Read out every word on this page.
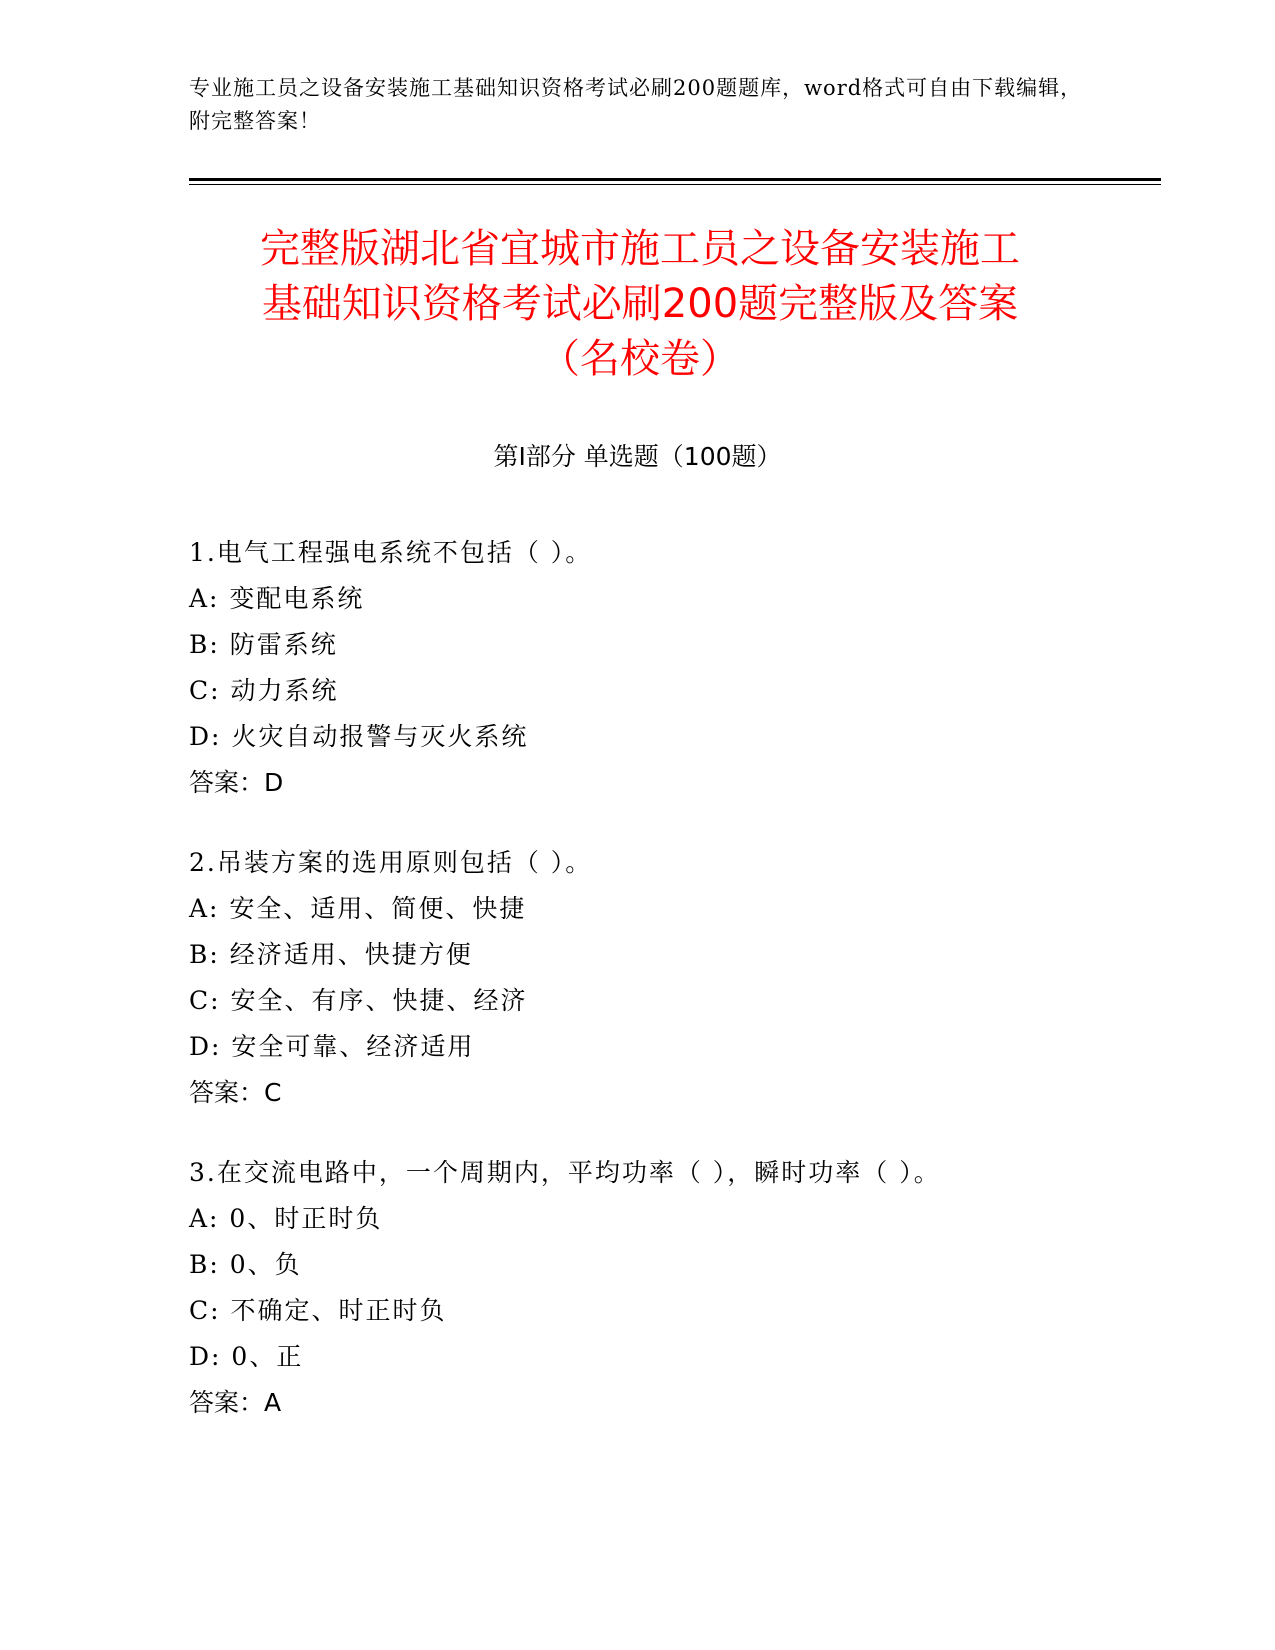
专业施工员之设备安装施工基础知识资格考试必刷200题题库，word格式可自由下载编辑，附完整答案！
完整版湖北省宜城市施工员之设备安装施工
基础知识资格考试必刷200题完整版及答案
（名校卷）
第I部分 单选题（100题）
1.电气工程强电系统不包括（ ）。
A: 变配电系统
B: 防雷系统
C: 动力系统
D: 火灾自动报警与灭火系统
答案：D
2.吊装方案的选用原则包括（ ）。
A: 安全、适用、简便、快捷
B: 经济适用、快捷方便
C: 安全、有序、快捷、经济
D: 安全可靠、经济适用
答案：C
3.在交流电路中，一个周期内，平均功率（ ），瞬时功率（ ）。
A: 0、时正时负
B: 0、负
C: 不确定、时正时负
D: 0、正
答案：A
